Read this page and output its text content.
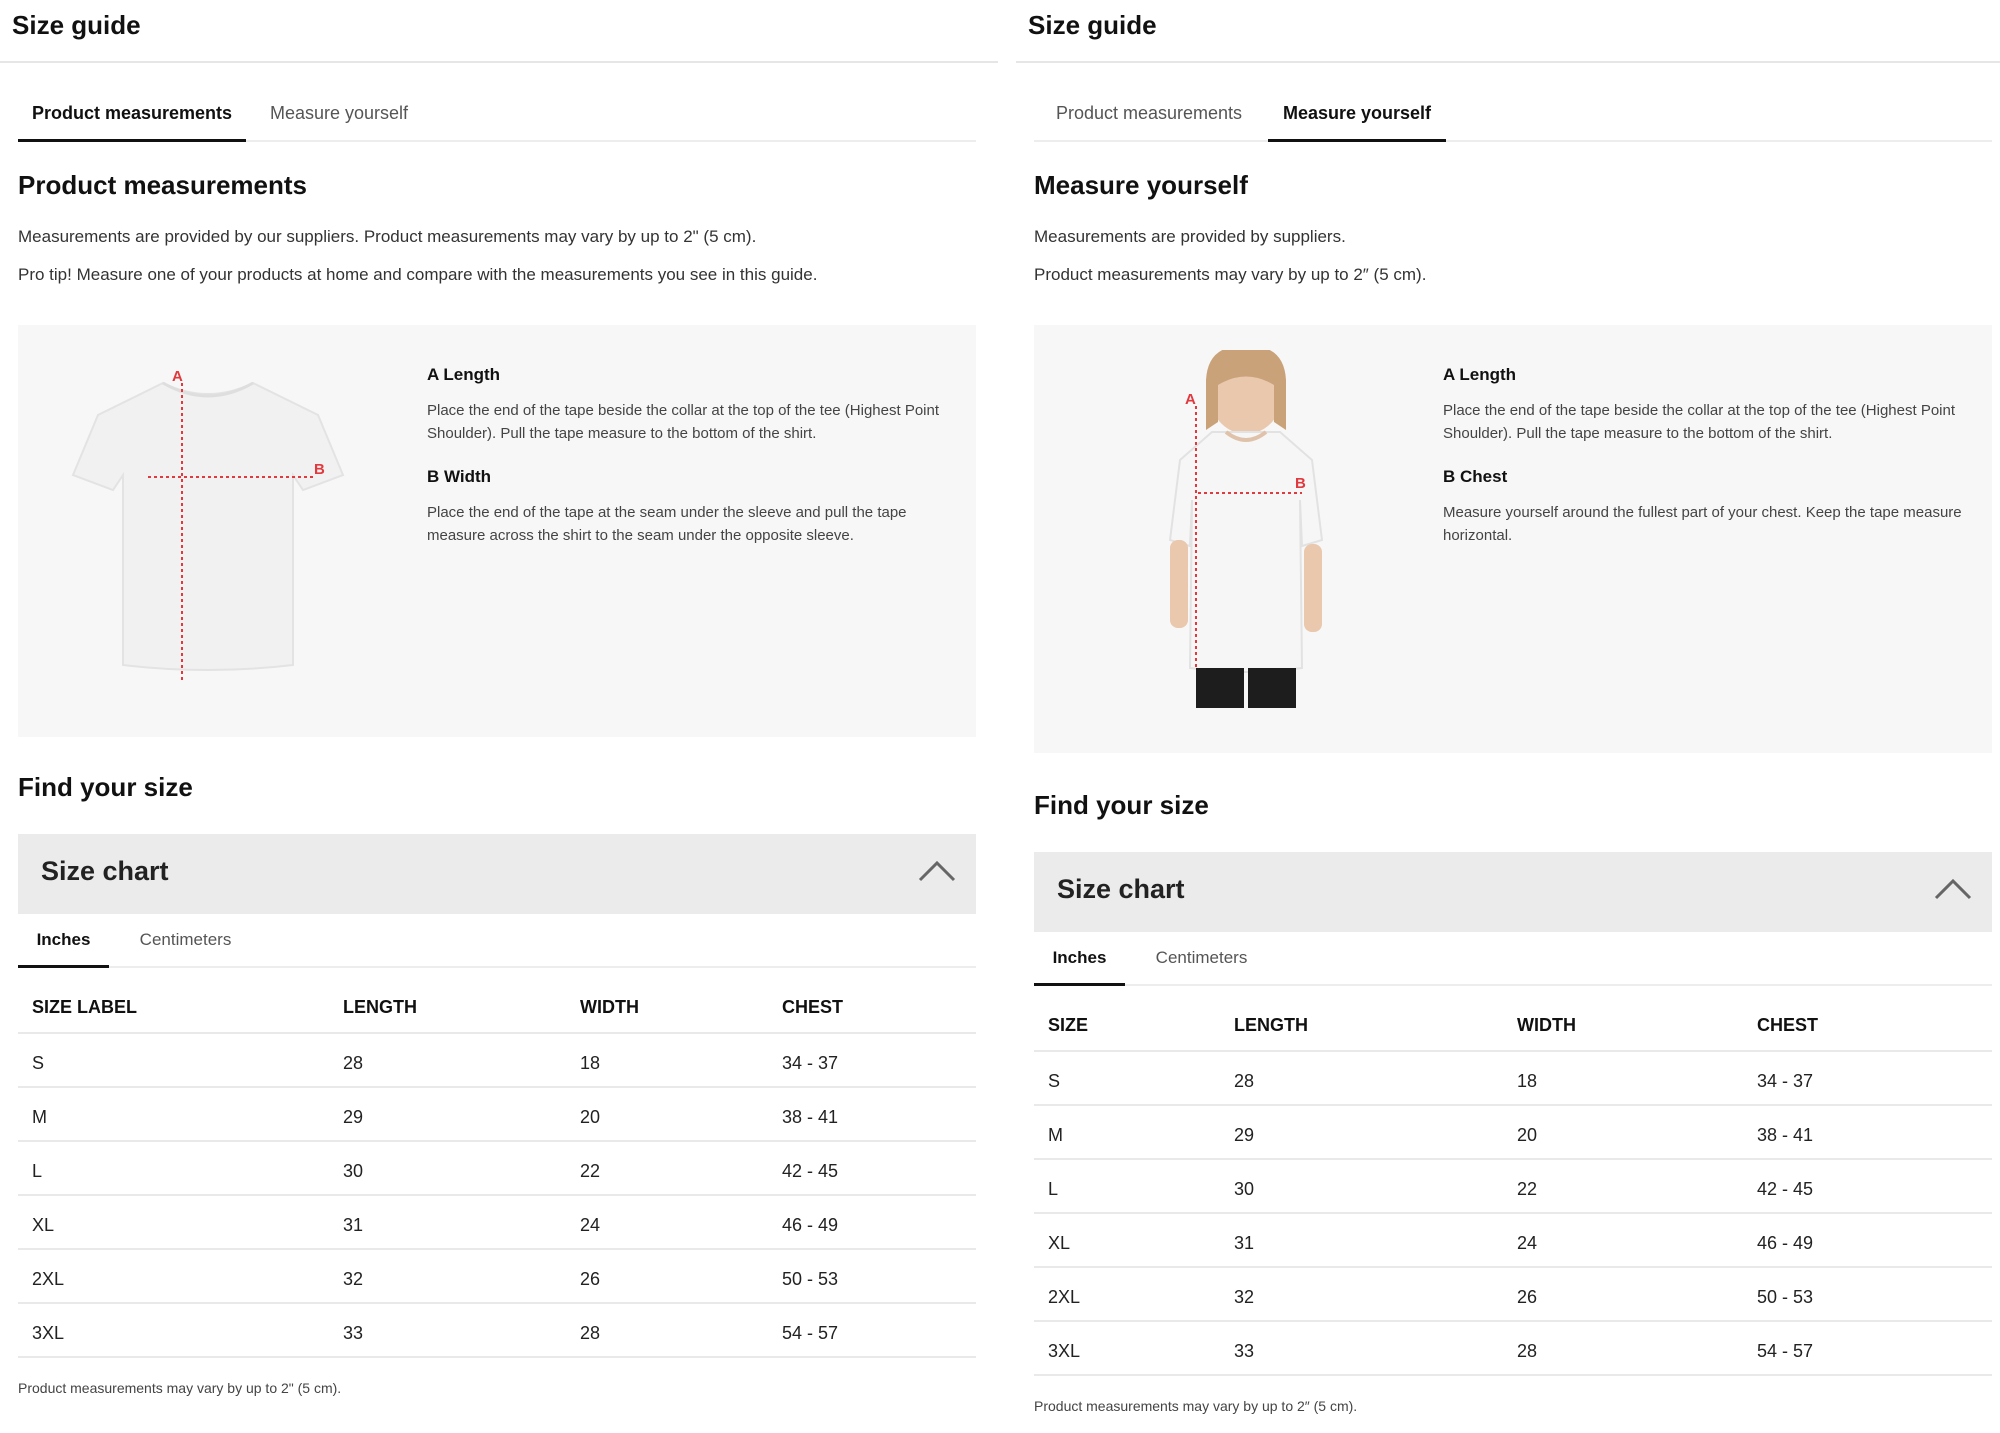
Size guide
Product measurements	Measure yourself
Product measurements
Measurements are provided by our suppliers. Product measurements may vary by up to 2" (5 cm).
Pro tip! Measure one of your products at home and compare with the measurements you see in this guide.
A
B
A Length
Place the end of the tape beside the collar at the top of the tee (Highest Point Shoulder). Pull the tape measure to the bottom of the shirt.
B Width
Place the end of the tape at the seam under the sleeve and pull the tape measure across the shirt to the seam under the opposite sleeve.
Find your size
Size chart
Inches	Centimeters
SIZE LABEL	LENGTH	WIDTH	CHEST
S	28	18	34 - 37
M	29	20	38 - 41
L	30	22	42 - 45
XL	31	24	46 - 49
2XL	32	26	50 - 53
3XL	33	28	54 - 57
Product measurements may vary by up to 2" (5 cm).
Size guide
Product measurements	Measure yourself
Measure yourself
Measurements are provided by suppliers.
Product measurements may vary by up to 2″ (5 cm).
A
B
A Length
Place the end of the tape beside the collar at the top of the tee (Highest Point Shoulder). Pull the tape measure to the bottom of the shirt.
B Chest
Measure yourself around the fullest part of your chest. Keep the tape measure horizontal.
Find your size
Size chart
Inches	Centimeters
SIZE	LENGTH	WIDTH	CHEST
S	28	18	34 - 37
M	29	20	38 - 41
L	30	22	42 - 45
XL	31	24	46 - 49
2XL	32	26	50 - 53
3XL	33	28	54 - 57
Product measurements may vary by up to 2″ (5 cm).
